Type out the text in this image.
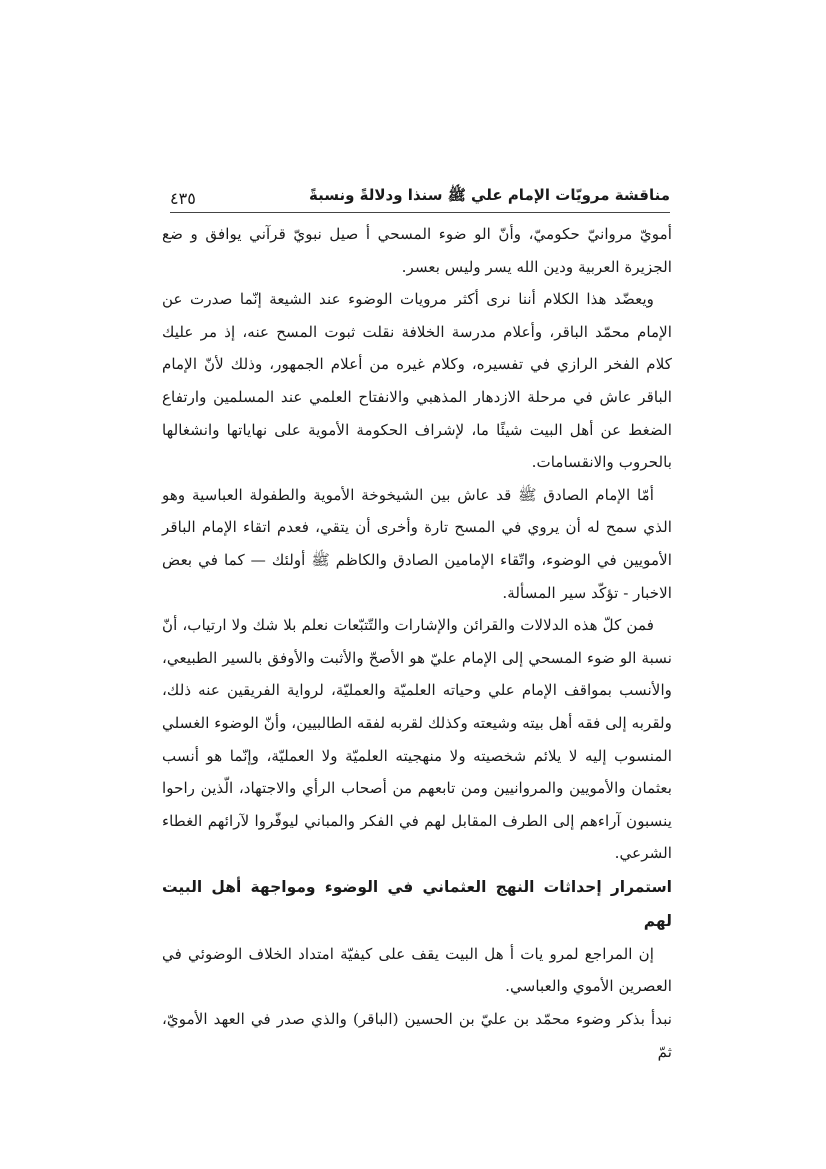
٤٣٥	مناقشة مرويّات الإمام علي ﷺ سنذا ودلالةً ونسبةً

أمويّ مروانيّ حكوميّ، وأنّ الو ضوء المسحي أ صيل نبويّ قرآني يوافق و ضع الجزيرة العربية ودين الله يسر وليس بعسر.

ويعضّد هذا الكلام أننا نرى أكثر مرويات الوضوء عند الشيعة إنّما صدرت عن الإمام محمّد الباقر، وأعلام مدرسة الخلافة نقلت ثبوت المسح عنه، إذ مر عليك كلام الفخر الرازي في تفسيره، وكلام غيره من أعلام الجمهور، وذلك لأنّ الإمام الباقر عاش في مرحلة الازدهار المذهبي والانفتاح العلمي عند المسلمين وارتفاع الضغط عن أهل البيت شيئًا ما، لإشراف الحكومة الأموية على نهاياتها وانشغالها بالحروب والانقسامات.

أمّا الإمام الصادق ﷺ قد عاش بين الشيخوخة الأموية والطفولة العباسية وهو الذي سمح له أن يروي في المسح تارة وأخرى أن يتقي، فعدم اتقاء الإمام الباقر الأمويين في الوضوء، واتّقاء الإمامين الصادق والكاظم ﷺ أولئك — كما في بعض الاخبار - تؤكّد سير المسألة.

فمن كلّ هذه الدلالات والقرائن والإشارات والتّتبّعات نعلم بلا شك ولا ارتياب، أنّ نسبة الو ضوء المسحي إلى الإمام عليّ هو الأصحّ والأثبت والأوفق بالسير الطبيعي، والأنسب بمواقف الإمام علي وحياته العلميّة والعمليّة، لرواية الفريقين عنه ذلك، ولقربه إلى فقه أهل بيته وشيعته وكذلك لقربه لفقه الطالبيين، وأنّ الوضوء الغسلي المنسوب إليه لا يلائم شخصيته ولا منهجيته العلميّة ولا العمليّة، وإنّما هو أنسب بعثمان والأمويين والمروانيين ومن تابعهم من أصحاب الرأي والاجتهاد، الّذين راحوا ينسبون آراءهم إلى الطرف المقابل لهم في الفكر والمباني ليوفّروا لآرائهم الغطاء الشرعي.

استمرار إحداثات النهج العثماني في الوضوء ومواجهة أهل البيت لهم

إن المراجع لمرو يات أ هل البيت يقف على كيفيّة امتداد الخلاف الوضوئي في العصرين الأموي والعباسي.

نبدأ بذكر وضوء محمّد بن عليّ بن الحسين (الباقر) والذي صدر في العهد الأمويّ، ثمّ
